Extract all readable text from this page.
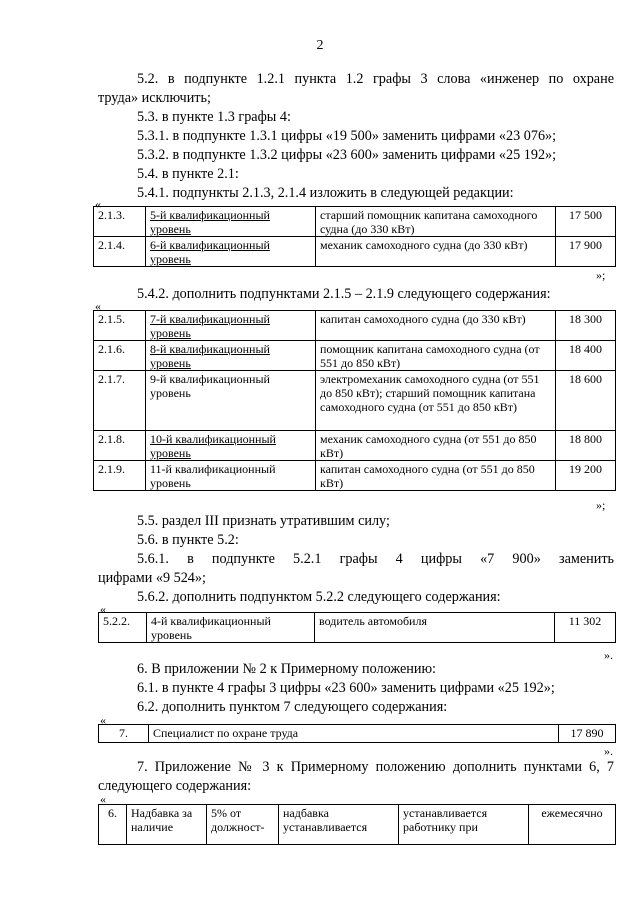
2
5.2. в подпункте 1.2.1 пункта 1.2 графы 3 слова «инженер по охране
труда» исключить;
5.3. в пункте 1.3 графы 4:
5.3.1. в подпункте 1.3.1 цифры «19 500» заменить цифрами «23 076»;
5.3.2. в подпункте 1.3.2 цифры «23 600» заменить цифрами «25 192»;
5.4. в пункте 2.1:
5.4.1. подпункты 2.1.3, 2.1.4 изложить в следующей редакции:
«
2.1.3.	5-й квалификационный уровень	старший помощник капитана самоходного судна (до 330 кВт)	17 500
2.1.4.	6-й квалификационный уровень	механик самоходного судна (до 330 кВт)	17 900
»;
5.4.2. дополнить подпунктами 2.1.5 – 2.1.9 следующего содержания:
«
2.1.5.	7-й квалификационный уровень	капитан самоходного судна (до 330 кВт)	18 300
2.1.6.	8-й квалификационный уровень	помощник капитана самоходного судна (от 551 до 850 кВт)	18 400
2.1.7.	9-й квалификационный уровень	электромеханик самоходного судна (от 551 до 850 кВт); старший помощник капитана самоходного судна (от 551 до 850 кВт)	18 600
2.1.8.	10-й квалификационный уровень	механик самоходного судна (от 551 до 850 кВт)	18 800
2.1.9.	11-й квалификационный уровень	капитан самоходного судна (от 551 до 850 кВт)	19 200
»;
5.5. раздел III признать утратившим силу;
5.6. в пункте 5.2:
5.6.1. в подпункте 5.2.1 графы 4 цифры «7 900» заменить
цифрами «9 524»;
5.6.2. дополнить подпунктом 5.2.2 следующего содержания:
«
5.2.2.	4-й квалификационный уровень	водитель автомобиля	11 302
».
6. В приложении № 2 к Примерному положению:
6.1. в пункте 4 графы 3 цифры «23 600» заменить цифрами «25 192»;
6.2. дополнить пунктом 7 следующего содержания:
«
7.	Специалист по охране труда	17 890
».
7. Приложение № 3 к Примерному положению дополнить пунктами 6, 7
следующего содержания:
«
6.	Надбавка за наличие	5% от должност-	надбавка устанавливается	устанавливается работнику при	ежемесячно
